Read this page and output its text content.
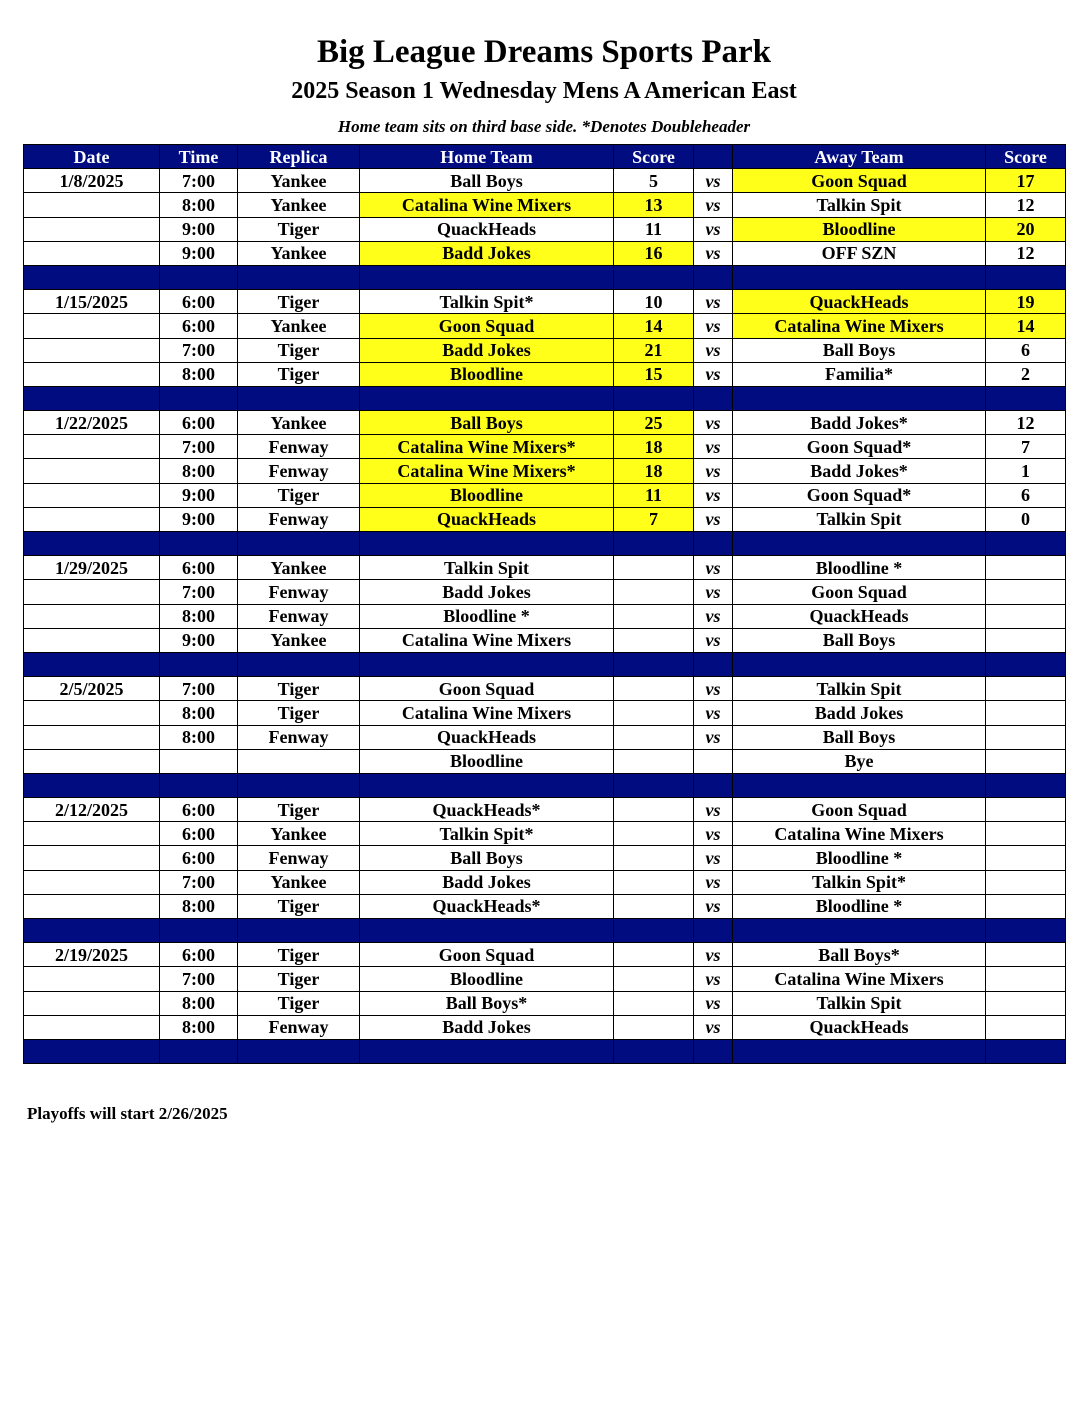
Big League Dreams Sports Park
2025 Season 1 Wednesday Mens A American East
Home team sits on third base side. *Denotes Doubleheader
Date	Time	Replica	Home Team	Score		Away Team	Score
1/8/2025	7:00	Yankee	Ball Boys	5	vs	Goon Squad	17
	8:00	Yankee	Catalina Wine Mixers	13	vs	Talkin Spit	12
	9:00	Tiger	QuackHeads	11	vs	Bloodline	20
	9:00	Yankee	Badd Jokes	16	vs	OFF SZN	12

1/15/2025	6:00	Tiger	Talkin Spit*	10	vs	QuackHeads	19
	6:00	Yankee	Goon Squad	14	vs	Catalina Wine Mixers	14
	7:00	Tiger	Badd Jokes	21	vs	Ball Boys	6
	8:00	Tiger	Bloodline	15	vs	Familia*	2

1/22/2025	6:00	Yankee	Ball Boys	25	vs	Badd Jokes*	12
	7:00	Fenway	Catalina Wine Mixers*	18	vs	Goon Squad*	7
	8:00	Fenway	Catalina Wine Mixers*	18	vs	Badd Jokes*	1
	9:00	Tiger	Bloodline	11	vs	Goon Squad*	6
	9:00	Fenway	QuackHeads	7	vs	Talkin Spit	0

1/29/2025	6:00	Yankee	Talkin Spit		vs	Bloodline *	
	7:00	Fenway	Badd Jokes		vs	Goon Squad	
	8:00	Fenway	Bloodline *		vs	QuackHeads	
	9:00	Yankee	Catalina Wine Mixers		vs	Ball Boys	

2/5/2025	7:00	Tiger	Goon Squad		vs	Talkin Spit	
	8:00	Tiger	Catalina Wine Mixers		vs	Badd Jokes	
	8:00	Fenway	QuackHeads		vs	Ball Boys	
			Bloodline			Bye	

2/12/2025	6:00	Tiger	QuackHeads*		vs	Goon Squad	
	6:00	Yankee	Talkin Spit*		vs	Catalina Wine Mixers	
	6:00	Fenway	Ball Boys		vs	Bloodline *	
	7:00	Yankee	Badd Jokes		vs	Talkin Spit*	
	8:00	Tiger	QuackHeads*		vs	Bloodline *	

2/19/2025	6:00	Tiger	Goon Squad		vs	Ball Boys*	
	7:00	Tiger	Bloodline		vs	Catalina Wine Mixers	
	8:00	Tiger	Ball Boys*		vs	Talkin Spit	
	8:00	Fenway	Badd Jokes		vs	QuackHeads	

Playoffs will start 2/26/2025
